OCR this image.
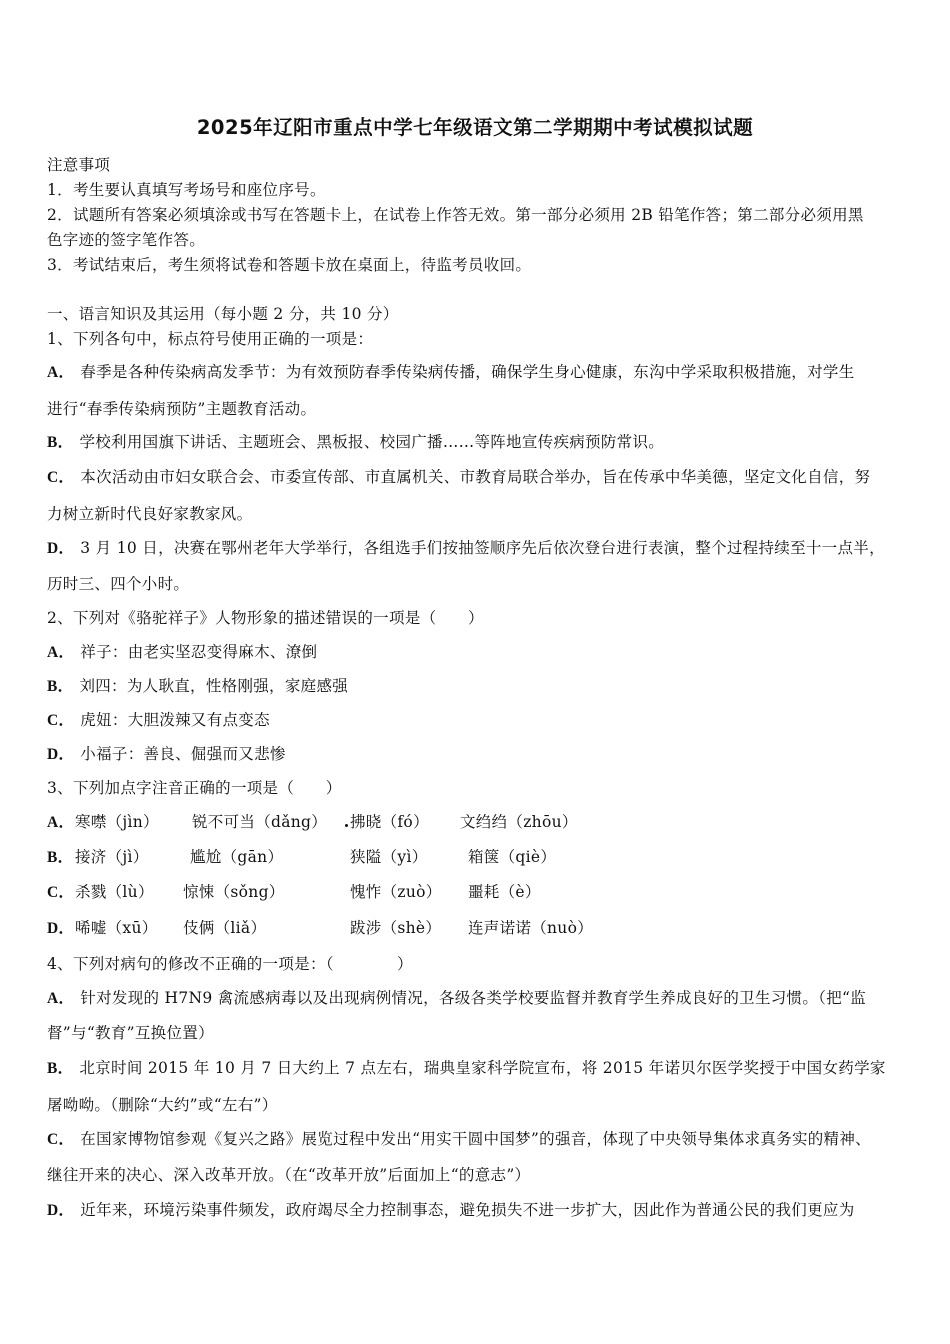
2025年辽阳市重点中学七年级语文第二学期期中考试模拟试题
注意事项
1．考生要认真填写考场号和座位序号。
2．试题所有答案必须填涂或书写在答题卡上，在试卷上作答无效。第一部分必须用 2B 铅笔作答；第二部分必须用黑
色字迹的签字笔作答。
3．考试结束后，考生须将试卷和答题卡放在桌面上，待监考员收回。
一、语言知识及其运用（每小题 2 分，共 10 分）
1、下列各句中，标点符号使用正确的一项是：
A． 春季是各种传染病高发季节：为有效预防春季传染病传播，确保学生身心健康，东沟中学采取积极措施，对学生
进行“春季传染病预防”主题教育活动。
B． 学校利用国旗下讲话、主题班会、黑板报、校园广播……等阵地宣传疾病预防常识。
C． 本次活动由市妇女联合会、市委宣传部、市直属机关、市教育局联合举办，旨在传承中华美德，坚定文化自信，努
力树立新时代良好家教家风。
D． 3 月 10 日，决赛在鄂州老年大学举行，各组选手们按抽签顺序先后依次登台进行表演，整个过程持续至十一点半，
历时三、四个小时。
2、下列对《骆驼祥子》人物形象的描述错误的一项是（　　）
A． 祥子：由老实坚忍变得麻木、潦倒
B． 刘四：为人耿直，性格刚强，家庭感强
C． 虎妞：大胆泼辣又有点变态
D． 小福子：善良、倔强而又悲惨
3、下列加点字注音正确的一项是（　　）
A． 寒噤（jìn） 锐不可当（dǎng） 拂晓（fó） 文绉绉（zhōu）
B． 接济（jì）	尴尬（gān）	狭隘（yì）	箱箧（qiè）
C． 杀戮（lù） 惊悚（sǒng）	愧怍（zuò） 噩耗（è）
D． 唏嘘（xū） 伎俩（liǎ）	跋涉（shè） 连声诺诺（nuò）
4、下列对病句的修改不正确的一项是：（　　　　）
A． 针对发现的 H7N9 禽流感病毒以及出现病例情况，各级各类学校要监督并教育学生养成良好的卫生习惯。（把“监
督”与“教育”互换位置）
B． 北京时间 2015 年 10 月 7 日大约上 7 点左右，瑞典皇家科学院宣布，将 2015 年诺贝尔医学奖授于中国女药学家
屠呦呦。（删除“大约”或“左右”）
C． 在国家博物馆参观《复兴之路》展览过程中发出“用实干圆中国梦”的强音，体现了中央领导集体求真务实的精神、
继往开来的决心、深入改革开放。（在“改革开放”后面加上“的意志”）
D． 近年来，环境污染事件频发，政府竭尽全力控制事态，避免损失不进一步扩大，因此作为普通公民的我们更应为
